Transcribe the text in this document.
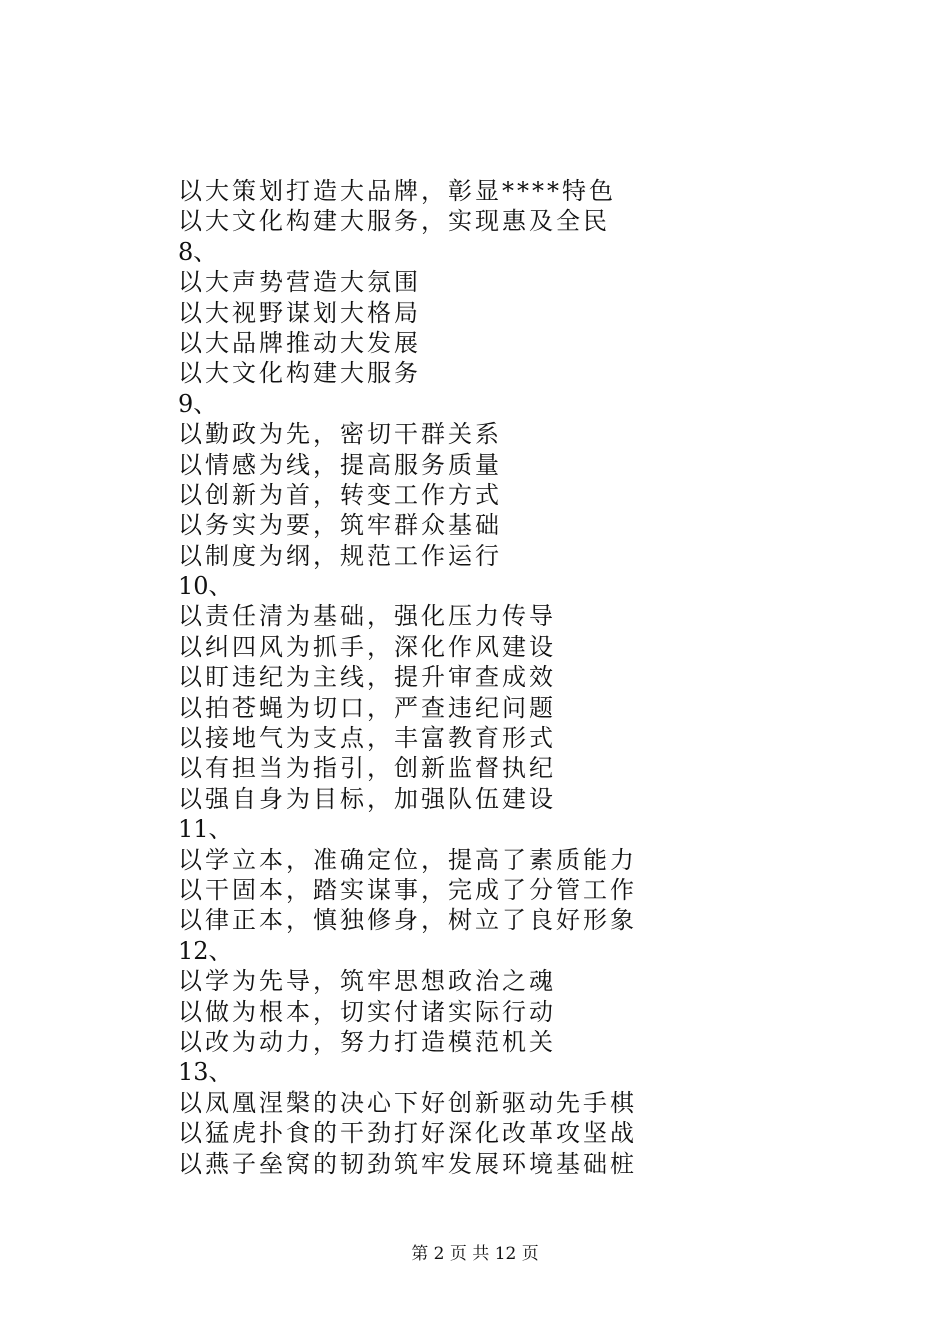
以大策划打造大品牌，彰显****特色
以大文化构建大服务，实现惠及全民
8、
以大声势营造大氛围
以大视野谋划大格局
以大品牌推动大发展
以大文化构建大服务
9、
以勤政为先，密切干群关系
以情感为线，提高服务质量
以创新为首，转变工作方式
以务实为要，筑牢群众基础
以制度为纲，规范工作运行
10、
以责任清为基础，强化压力传导
以纠四风为抓手，深化作风建设
以盯违纪为主线，提升审查成效
以拍苍蝇为切口，严查违纪问题
以接地气为支点，丰富教育形式
以有担当为指引，创新监督执纪
以强自身为目标，加强队伍建设
11、
以学立本，准确定位，提高了素质能力
以干固本，踏实谋事，完成了分管工作
以律正本，慎独修身，树立了良好形象
12、
以学为先导，筑牢思想政治之魂
以做为根本，切实付诸实际行动
以改为动力，努力打造模范机关
13、
以凤凰涅槃的决心下好创新驱动先手棋
以猛虎扑食的干劲打好深化改革攻坚战
以燕子垒窝的韧劲筑牢发展环境基础桩
第 2 页 共 12 页
